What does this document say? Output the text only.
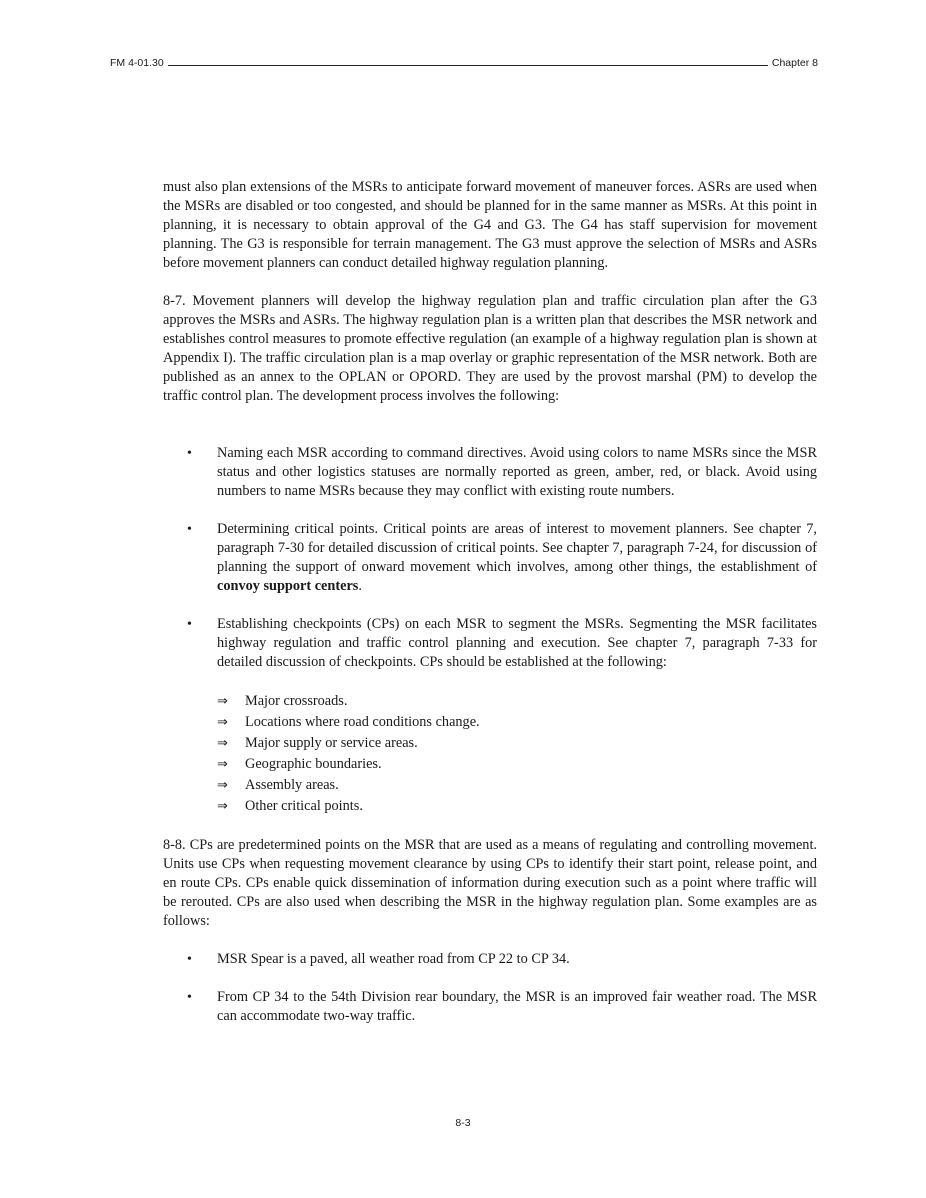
FM 4-01.30	Chapter 8

must also plan extensions of the MSRs to anticipate forward movement of maneuver forces. ASRs are used when the MSRs are disabled or too congested, and should be planned for in the same manner as MSRs. At this point in planning, it is necessary to obtain approval of the G4 and G3. The G4 has staff supervision for movement planning. The G3 is responsible for terrain management. The G3 must approve the selection of MSRs and ASRs before movement planners can conduct detailed highway regulation planning.

8-7. Movement planners will develop the highway regulation plan and traffic circulation plan after the G3 approves the MSRs and ASRs. The highway regulation plan is a written plan that describes the MSR network and establishes control measures to promote effective regulation (an example of a highway regulation plan is shown at Appendix I). The traffic circulation plan is a map overlay or graphic representation of the MSR network. Both are published as an annex to the OPLAN or OPORD. They are used by the provost marshal (PM) to develop the traffic control plan. The development process involves the following:

• Naming each MSR according to command directives. Avoid using colors to name MSRs since the MSR status and other logistics statuses are normally reported as green, amber, red, or black. Avoid using numbers to name MSRs because they may conflict with existing route numbers.
• Determining critical points. Critical points are areas of interest to movement planners. See chapter 7, paragraph 7-30 for detailed discussion of critical points. See chapter 7, paragraph 7-24, for discussion of planning the support of onward movement which involves, among other things, the establishment of convoy support centers.
• Establishing checkpoints (CPs) on each MSR to segment the MSRs. Segmenting the MSR facilitates highway regulation and traffic control planning and execution. See chapter 7, paragraph 7-33 for detailed discussion of checkpoints. CPs should be established at the following:
⇒	Major crossroads.
⇒	Locations where road conditions change.
⇒	Major supply or service areas.
⇒	Geographic boundaries.
⇒	Assembly areas.
⇒	Other critical points.

8-8. CPs are predetermined points on the MSR that are used as a means of regulating and controlling movement. Units use CPs when requesting movement clearance by using CPs to identify their start point, release point, and en route CPs. CPs enable quick dissemination of information during execution such as a point where traffic will be rerouted. CPs are also used when describing the MSR in the highway regulation plan. Some examples are as follows:

• MSR Spear is a paved, all weather road from CP 22 to CP 34.
• From CP 34 to the 54th Division rear boundary, the MSR is an improved fair weather road. The MSR can accommodate two-way traffic.
8-3
